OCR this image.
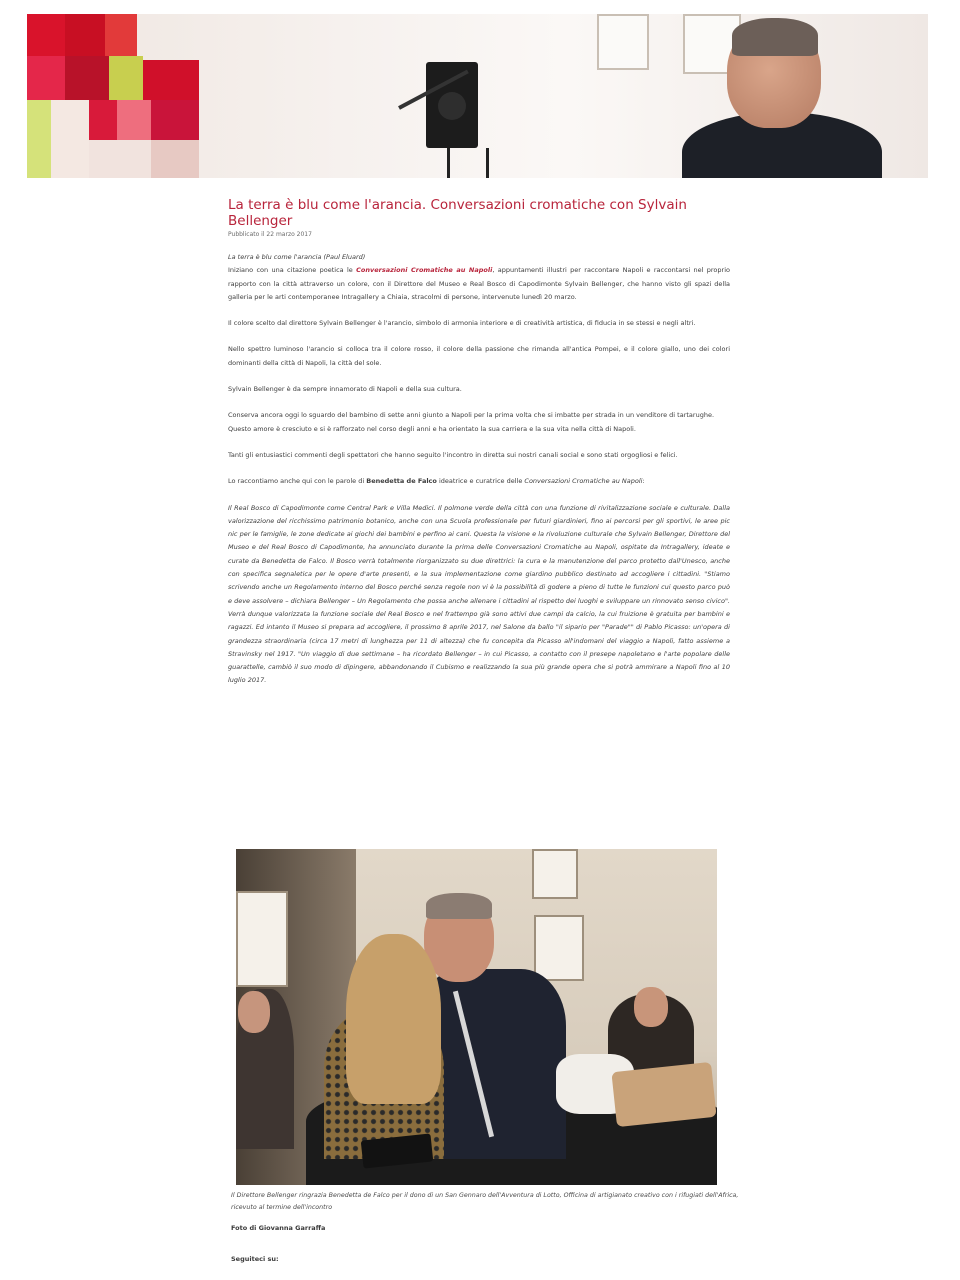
La terra è blu come l'arancia. Conversazioni cromatiche con Sylvain Bellenger
Pubblicato il 22 marzo 2017

La terra è blu come l'arancia (Paul Eluard)

Iniziano con una citazione poetica le Conversazioni Cromatiche au Napoli, appuntamenti illustri per raccontare Napoli e raccontarsi nel proprio rapporto con la città attraverso un colore, con il Direttore del Museo e Real Bosco di Capodimonte Sylvain Bellenger, che hanno visto gli spazi della galleria per le arti contemporanee Intragallery a Chiaia, stracolmi di persone, intervenute lunedì 20 marzo.

Il colore scelto dal direttore Sylvain Bellenger è l'arancio, simbolo di armonia interiore e di creatività artistica, di fiducia in se stessi e negli altri.

Nello spettro luminoso l'arancio si colloca tra il colore rosso, il colore della passione che rimanda all'antica Pompei, e il colore giallo, uno dei colori dominanti della città di Napoli, la città del sole.

Sylvain Bellenger è da sempre innamorato di Napoli e della sua cultura.

Conserva ancora oggi lo sguardo del bambino di sette anni giunto a Napoli per la prima volta che si imbatte per strada in un venditore di tartarughe.

Questo amore è cresciuto e si è rafforzato nel corso degli anni e ha orientato la sua carriera e la sua vita nella città di Napoli.

Tanti gli entusiastici commenti degli spettatori che hanno seguito l'incontro in diretta sui nostri canali social e sono stati orgogliosi e felici.

Lo raccontiamo anche qui con le parole di Benedetta de Falco ideatrice e curatrice delle Conversazioni Cromatiche au Napoli:

Il Real Bosco di Capodimonte come Central Park e Villa Medici. Il polmone verde della città con una funzione di rivitalizzazione sociale e culturale. Dalla valorizzazione del ricchissimo patrimonio botanico, anche con una Scuola professionale per futuri giardinieri, fino ai percorsi per gli sportivi, le aree pic nic per le famiglie, le zone dedicate ai giochi dei bambini e perfino ai cani. Questa la visione e la rivoluzione culturale che Sylvain Bellenger, Direttore del Museo e del Real Bosco di Capodimonte, ha annunciato durante la prima delle Conversazioni Cromatiche au Napoli, ospitate da Intragallery, ideate e curate da Benedetta de Falco. Il Bosco verrà totalmente riorganizzato su due direttrici: la cura e la manutenzione del parco protetto dall'Unesco, anche con specifica segnaletica per le opere d'arte presenti, e la sua implementazione come giardino pubblico destinato ad accogliere i cittadini. "Stiamo scrivendo anche un Regolamento interno del Bosco perché senza regole non vi è la possibilità di godere a pieno di tutte le funzioni cui questo parco può e deve assolvere – dichiara Bellenger – Un Regolamento che possa anche allenare i cittadini al rispetto dei luoghi e sviluppare un rinnovato senso civico". Verrà dunque valorizzata la funzione sociale del Real Bosco e nel frattempo già sono attivi due campi da calcio, la cui fruizione è gratuita per bambini e ragazzi. Ed intanto il Museo si prepara ad accogliere, il prossimo 8 aprile 2017, nel Salone da ballo "il sipario per "Parade"" di Pablo Picasso: un'opera di grandezza straordinaria (circa 17 metri di lunghezza per 11 di altezza) che fu concepita da Picasso all'indomani del viaggio a Napoli, fatto assieme a Stravinsky nel 1917. "Un viaggio di due settimane – ha ricordato Bellenger – in cui Picasso, a contatto con il presepe napoletano e l'arte popolare delle guarattelle, cambiò il suo modo di dipingere, abbandonando il Cubismo e realizzando la sua più grande opera che si potrà ammirare a Napoli fino al 10 luglio 2017.

Il Direttore Bellenger ringrazia Benedetta de Falco per il dono di un San Gennaro dell'Avventura di Lotto, Officina di artigianato creativo con i rifugiati dell'Africa, ricevuto al termine dell'incontro
Foto di Giovanna Garraffa
Seguiteci su:
